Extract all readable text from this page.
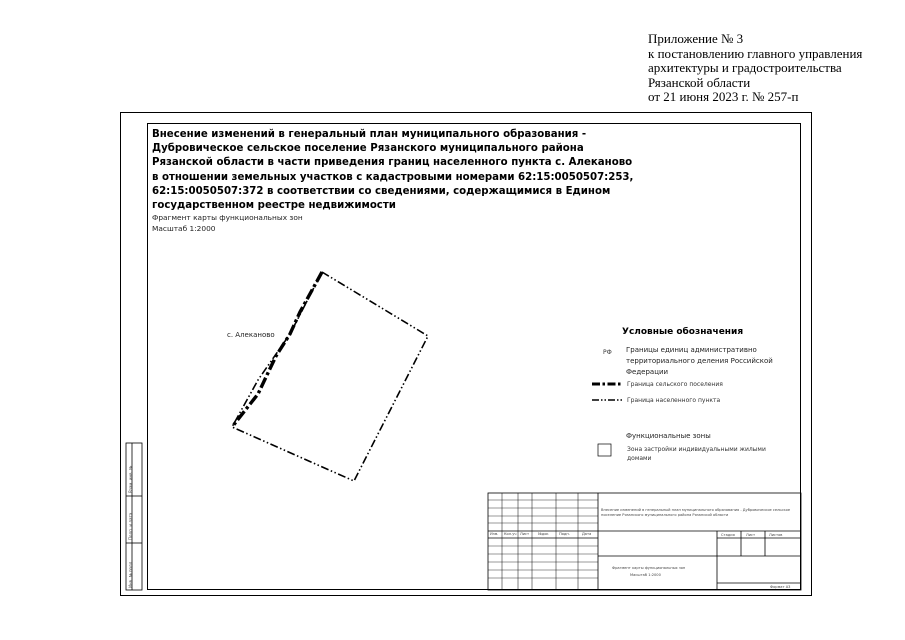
Приложение № 3
к постановлению главного управления
архитектуры и градостроительства
Рязанской области
от 21 июня 2023 г. № 257-п
РФ
Внесение изменений в генеральный план муниципального образования - Дубровическое сельское поселение Рязанского муниципального района Рязанской области в части приведения границ населенного пункта с. Алеканово в отношении земельных участков с кадастровыми номерами 62:15:0050507:253, 62:15:0050507:372 в соответствии со сведениями, содержащимися в Едином государственном реестре недвижимости
Фрагмент карты функциональных зон
Масштаб 1:2000
с. Алеканово	Условные обозначения
Границы единиц административно территориального деления Российской Федерации
Граница сельского поселения
Граница населенного пункта
Функциональные зоны
Зона застройки индивидуальными жилыми домами
Внесение изменений в генеральный план муниципального образования - Дубровическое сельское поселение Рязанского муниципального района Рязанской области
Изм. Кол.уч Лист №док	Подп.	Дата	Стадия	Лист	Листов
Фрагмент карты функциональных зон
Масштаб 1:2000
Формат А3
Инв. № подл.
Подп. и дата
Взам. инв. №
